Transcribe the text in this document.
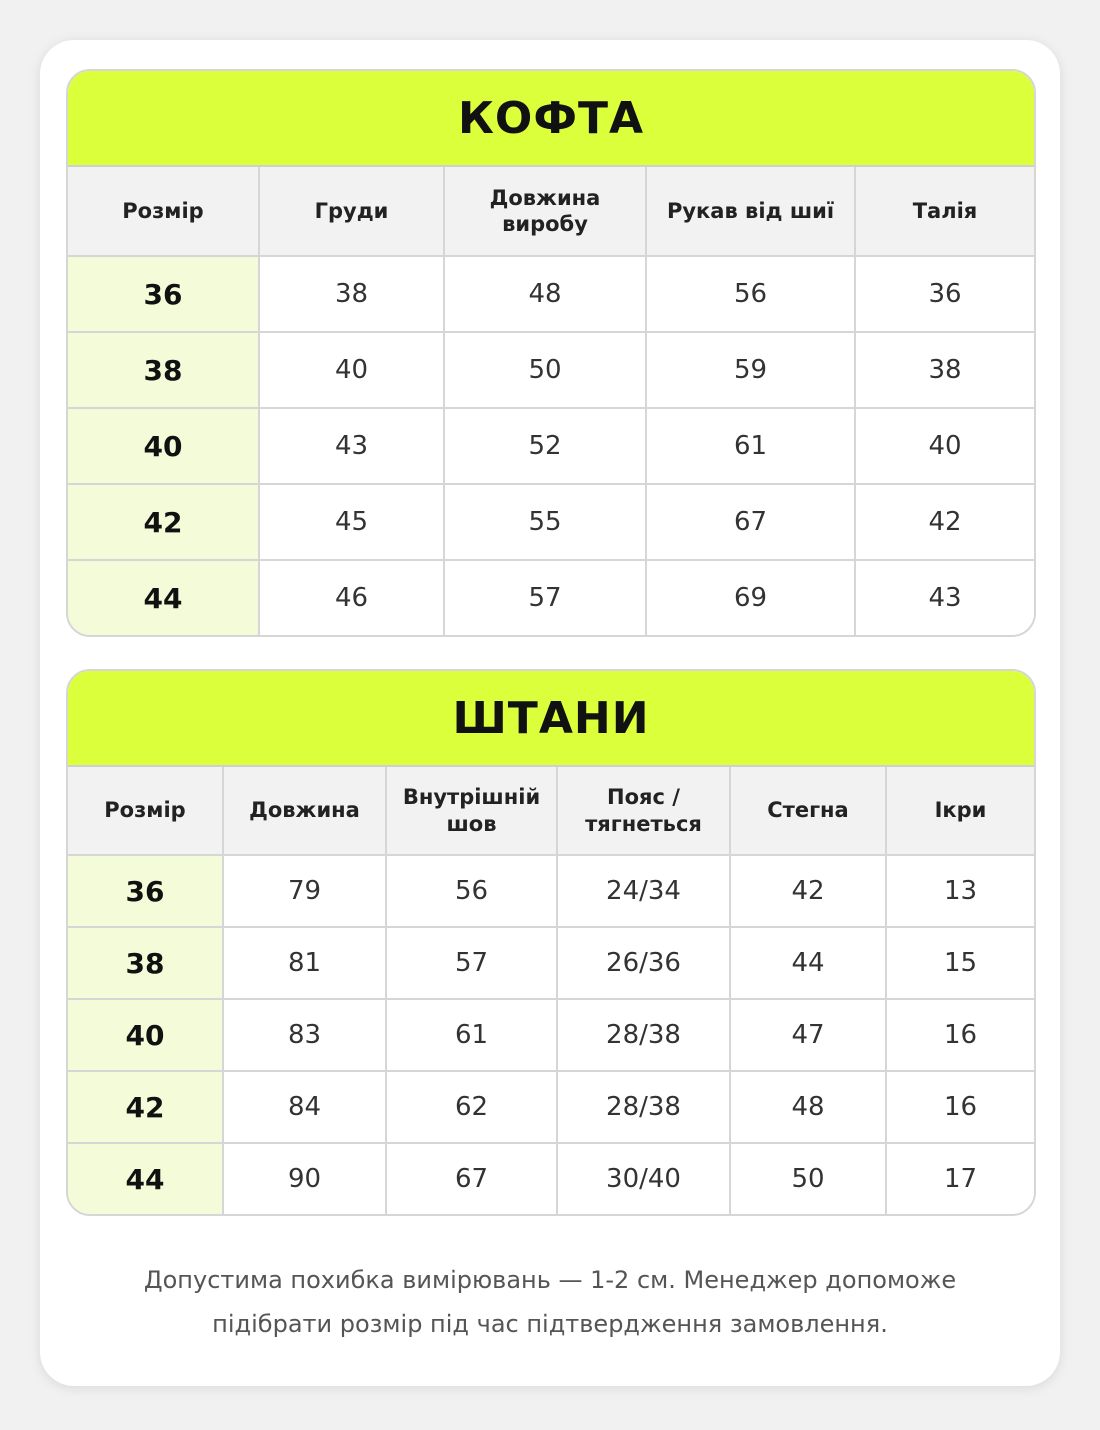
КОФТА
Розмір	Груди	Довжина виробу	Рукав від шиї	Талія
36	38	48	56	36
38	40	50	59	38
40	43	52	61	40
42	45	55	67	42
44	46	57	69	43
ШТАНИ
Розмір	Довжина	Внутрішній шов	Пояс / тягнеться	Стегна	Ікри
36	79	56	24/34	42	13
38	81	57	26/36	44	15
40	83	61	28/38	47	16
42	84	62	28/38	48	16
44	90	67	30/40	50	17
Допустима похибка вимірювань — 1-2 см. Менеджер допоможе
підібрати розмір під час підтвердження замовлення.
